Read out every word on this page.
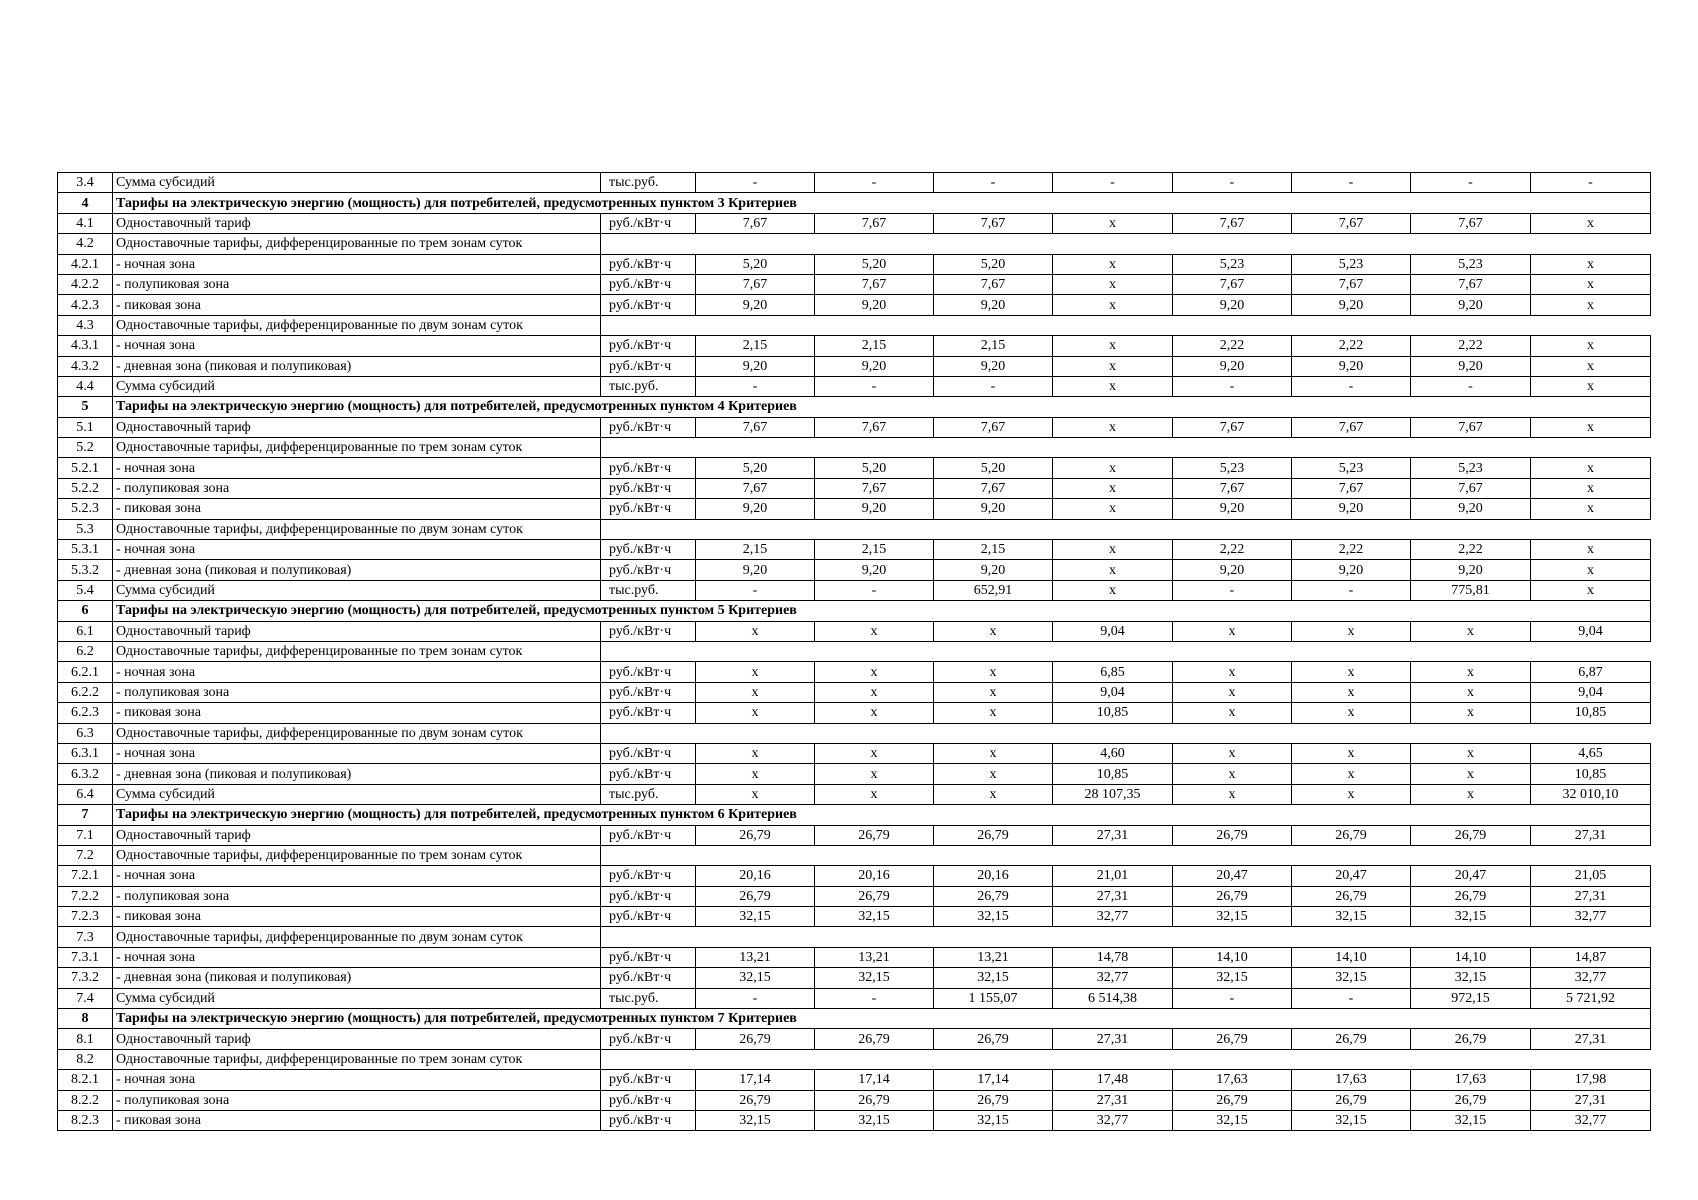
3.4	Сумма субсидий	тыс.руб.	-	-	-	-	-	-	-	-
4	Тарифы на электрическую энергию (мощность) для потребителей, предусмотренных пунктом 3 Критериев									
4.1	Одноставочный тариф	руб./кВт·ч	7,67	7,67	7,67	х	7,67	7,67	7,67	х
4.2	Одноставочные тарифы, дифференцированные по трем зонам суток									
4.2.1	- ночная зона	руб./кВт·ч	5,20	5,20	5,20	х	5,23	5,23	5,23	х
4.2.2	- полупиковая зона	руб./кВт·ч	7,67	7,67	7,67	х	7,67	7,67	7,67	х
4.2.3	- пиковая зона	руб./кВт·ч	9,20	9,20	9,20	х	9,20	9,20	9,20	х
4.3	Одноставочные тарифы, дифференцированные по двум зонам суток									
4.3.1	- ночная зона	руб./кВт·ч	2,15	2,15	2,15	х	2,22	2,22	2,22	х
4.3.2	- дневная зона (пиковая и полупиковая)	руб./кВт·ч	9,20	9,20	9,20	х	9,20	9,20	9,20	х
4.4	Сумма субсидий	тыс.руб.	-	-	-	х	-	-	-	х
5	Тарифы на электрическую энергию (мощность) для потребителей, предусмотренных пунктом 4 Критериев									
5.1	Одноставочный тариф	руб./кВт·ч	7,67	7,67	7,67	х	7,67	7,67	7,67	х
5.2	Одноставочные тарифы, дифференцированные по трем зонам суток									
5.2.1	- ночная зона	руб./кВт·ч	5,20	5,20	5,20	х	5,23	5,23	5,23	х
5.2.2	- полупиковая зона	руб./кВт·ч	7,67	7,67	7,67	х	7,67	7,67	7,67	х
5.2.3	- пиковая зона	руб./кВт·ч	9,20	9,20	9,20	х	9,20	9,20	9,20	х
5.3	Одноставочные тарифы, дифференцированные по двум зонам суток									
5.3.1	- ночная зона	руб./кВт·ч	2,15	2,15	2,15	х	2,22	2,22	2,22	х
5.3.2	- дневная зона (пиковая и полупиковая)	руб./кВт·ч	9,20	9,20	9,20	х	9,20	9,20	9,20	х
5.4	Сумма субсидий	тыс.руб.	-	-	652,91	х	-	-	775,81	х
6	Тарифы на электрическую энергию (мощность) для потребителей, предусмотренных пунктом 5 Критериев									
6.1	Одноставочный тариф	руб./кВт·ч	х	х	х	9,04	х	х	х	9,04
6.2	Одноставочные тарифы, дифференцированные по трем зонам суток									
6.2.1	- ночная зона	руб./кВт·ч	х	х	х	6,85	х	х	х	6,87
6.2.2	- полупиковая зона	руб./кВт·ч	х	х	х	9,04	х	х	х	9,04
6.2.3	- пиковая зона	руб./кВт·ч	х	х	х	10,85	х	х	х	10,85
6.3	Одноставочные тарифы, дифференцированные по двум зонам суток									
6.3.1	- ночная зона	руб./кВт·ч	х	х	х	4,60	х	х	х	4,65
6.3.2	- дневная зона (пиковая и полупиковая)	руб./кВт·ч	х	х	х	10,85	х	х	х	10,85
6.4	Сумма субсидий	тыс.руб.	х	х	х	28 107,35	х	х	х	32 010,10
7	Тарифы на электрическую энергию (мощность) для потребителей, предусмотренных пунктом 6 Критериев									
7.1	Одноставочный тариф	руб./кВт·ч	26,79	26,79	26,79	27,31	26,79	26,79	26,79	27,31
7.2	Одноставочные тарифы, дифференцированные по трем зонам суток									
7.2.1	- ночная зона	руб./кВт·ч	20,16	20,16	20,16	21,01	20,47	20,47	20,47	21,05
7.2.2	- полупиковая зона	руб./кВт·ч	26,79	26,79	26,79	27,31	26,79	26,79	26,79	27,31
7.2.3	- пиковая зона	руб./кВт·ч	32,15	32,15	32,15	32,77	32,15	32,15	32,15	32,77
7.3	Одноставочные тарифы, дифференцированные по двум зонам суток									
7.3.1	- ночная зона	руб./кВт·ч	13,21	13,21	13,21	14,78	14,10	14,10	14,10	14,87
7.3.2	- дневная зона (пиковая и полупиковая)	руб./кВт·ч	32,15	32,15	32,15	32,77	32,15	32,15	32,15	32,77
7.4	Сумма субсидий	тыс.руб.	-	-	1 155,07	6 514,38	-	-	972,15	5 721,92
8	Тарифы на электрическую энергию (мощность) для потребителей, предусмотренных пунктом 7 Критериев									
8.1	Одноставочный тариф	руб./кВт·ч	26,79	26,79	26,79	27,31	26,79	26,79	26,79	27,31
8.2	Одноставочные тарифы, дифференцированные по трем зонам суток									
8.2.1	- ночная зона	руб./кВт·ч	17,14	17,14	17,14	17,48	17,63	17,63	17,63	17,98
8.2.2	- полупиковая зона	руб./кВт·ч	26,79	26,79	26,79	27,31	26,79	26,79	26,79	27,31
8.2.3	- пиковая зона	руб./кВт·ч	32,15	32,15	32,15	32,77	32,15	32,15	32,15	32,77
